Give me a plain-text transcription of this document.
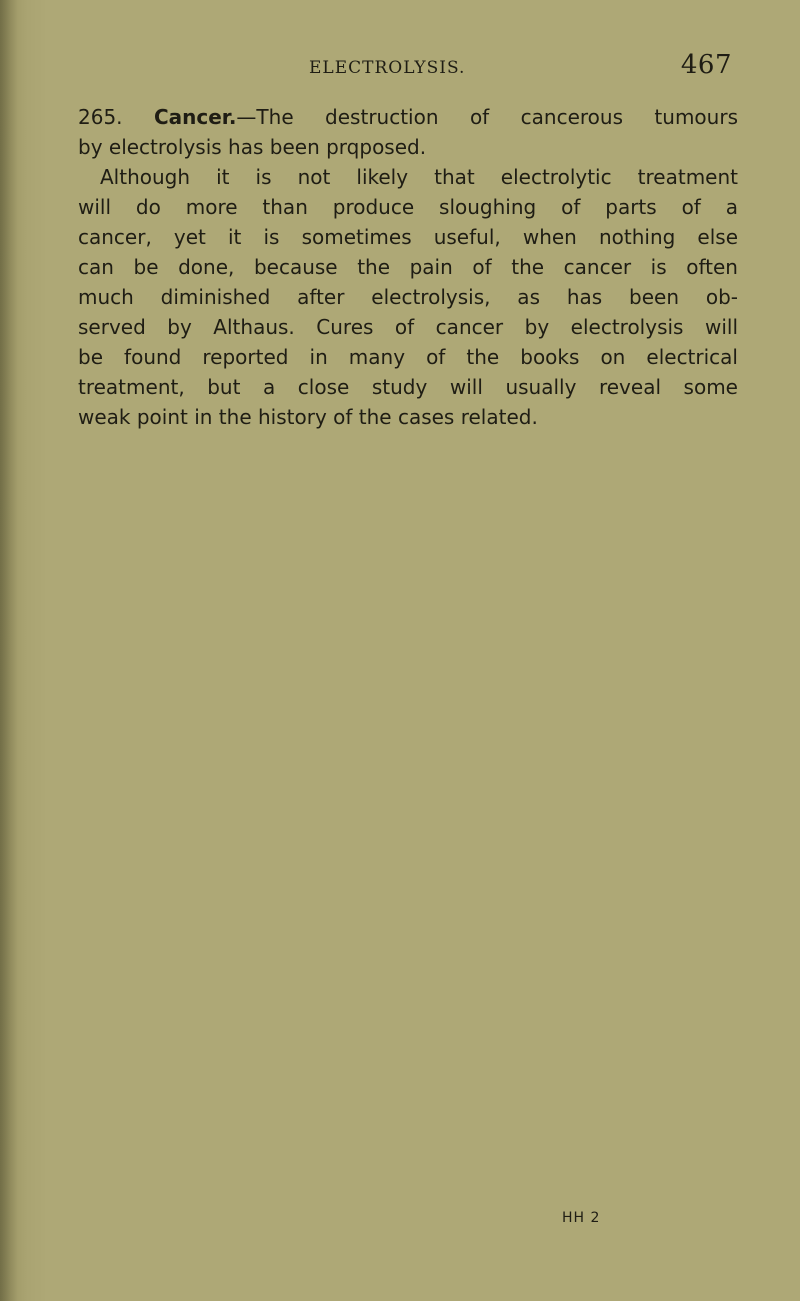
ELECTROLYSIS.	467
265. Cancer.—The destruction of cancerous tumours
by electrolysis has been prqposed.
Although it is not likely that electrolytic treatment
will do more than produce sloughing of parts of a
cancer, yet it is sometimes useful, when nothing else
can be done, because the pain of the cancer is often
much diminished after electrolysis, as has been ob-
served by Althaus. Cures of cancer by electrolysis will
be found reported in many of the books on electrical
treatment, but a close study will usually reveal some
weak point in the history of the cases related.
HH 2
